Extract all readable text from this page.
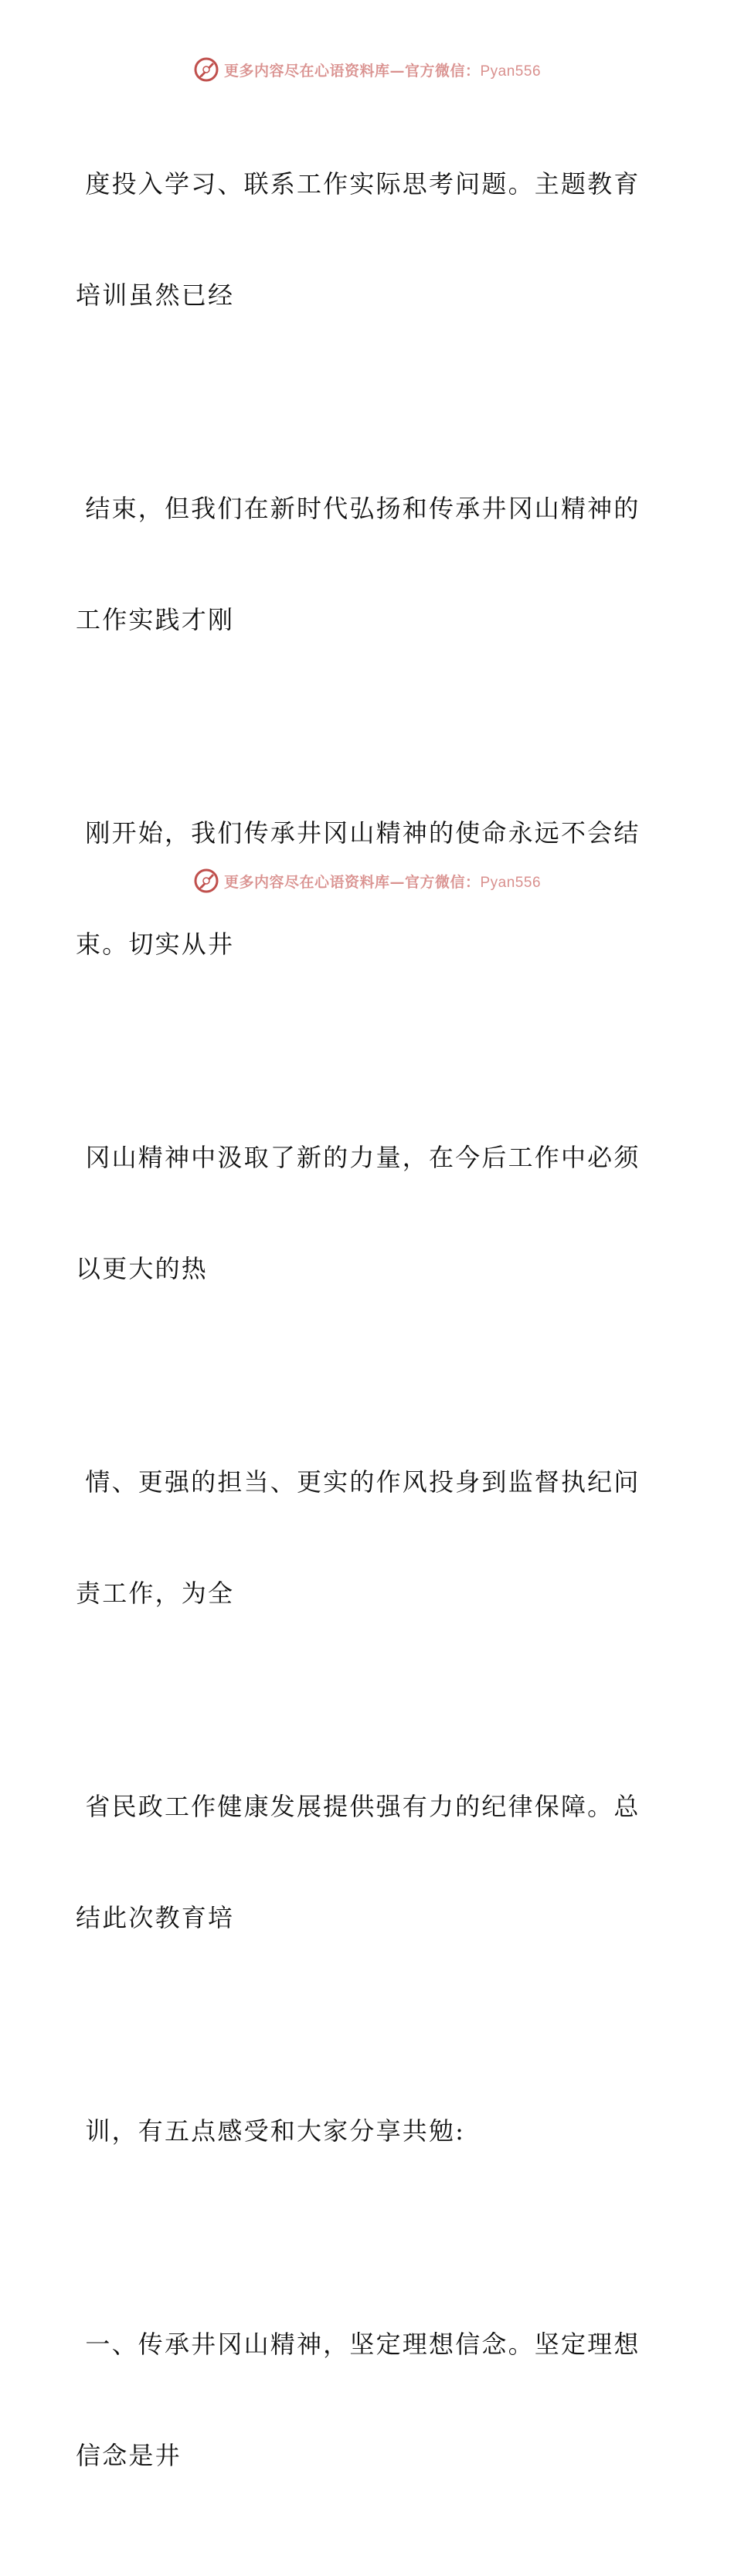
更多内容尽在心语资料库—官方微信：Pyan556

度投入学习、联系工作实际思考问题。主题教育

培训虽然已经

结束，但我们在新时代弘扬和传承井冈山精神的

工作实践才刚

刚开始，我们传承井冈山精神的使命永远不会结

束。切实从井

冈山精神中汲取了新的力量，在今后工作中必须

以更大的热

情、更强的担当、更实的作风投身到监督执纪问

责工作，为全

省民政工作健康发展提供强有力的纪律保障。总

结此次教育培

训，有五点感受和大家分享共勉:

一、传承井冈山精神，坚定理想信念。坚定理想

信念是井

更多内容尽在心语资料库—官方微信：Pyan556
